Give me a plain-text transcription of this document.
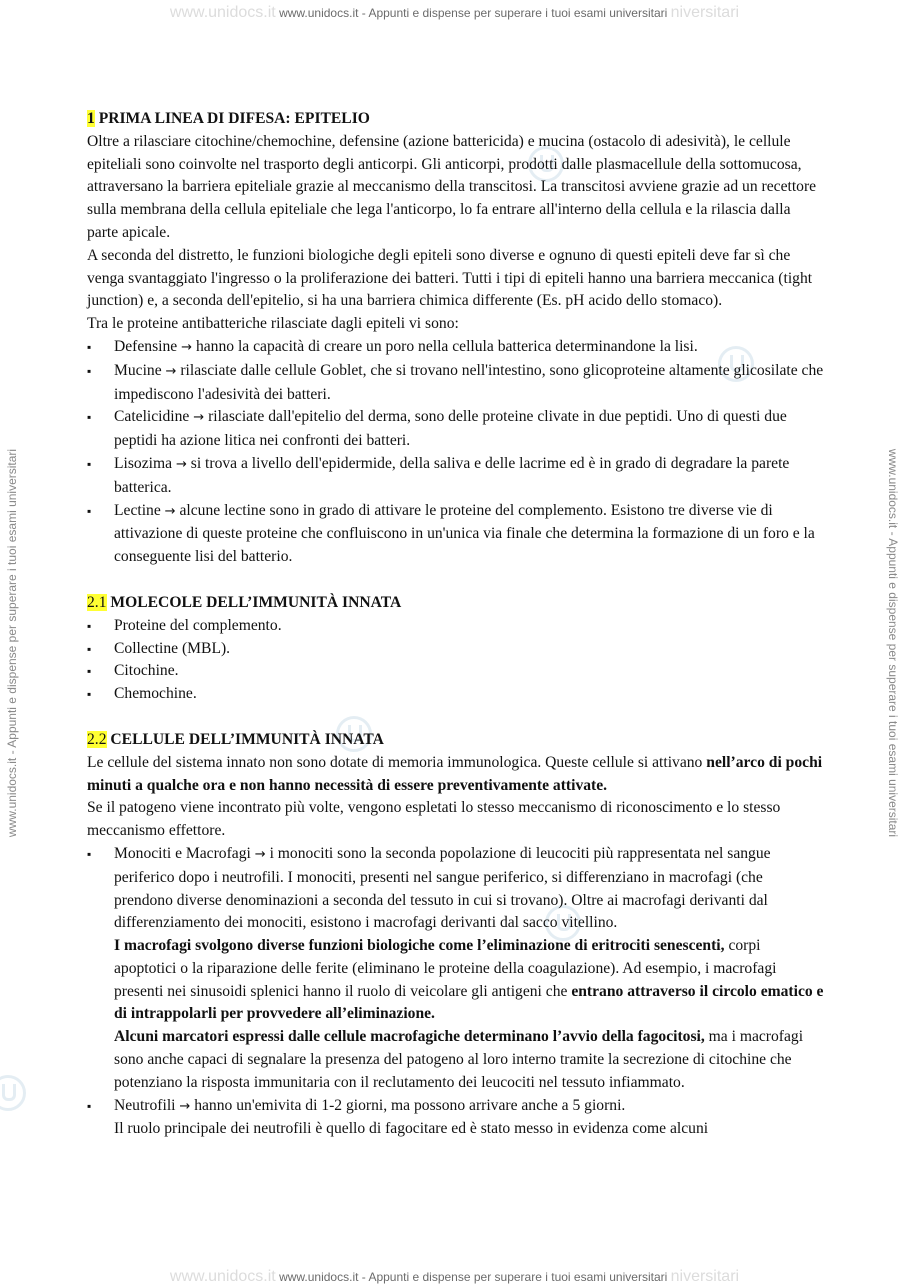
www.unidocs.it www.unidocs.it - Appunti e dispense per superare i tuoi esami universitari niversitari
www.unidocs.it - Appunti e dispense per superare i tuoi esami universitari	www.unidocs.it - Appunti e dispense per superare i tuoi esami universitari
1 PRIMA LINEA DI DIFESA: EPITELIO

Oltre a rilasciare citochine/chemochine, defensine (azione battericida) e mucina (ostacolo di adesività), le cellule epiteliali sono coinvolte nel trasporto degli anticorpi. Gli anticorpi, prodotti dalle plasmacellule della sottomucosa, attraversano la barriera epiteliale grazie al meccanismo della transcitosi. La transcitosi avviene grazie ad un recettore sulla membrana della cellula epiteliale che lega l'anticorpo, lo fa entrare all'interno della cellula e la rilascia dalla parte apicale.

A seconda del distretto, le funzioni biologiche degli epiteli sono diverse e ognuno di questi epiteli deve far sì che venga svantaggiato l'ingresso o la proliferazione dei batteri. Tutti i tipi di epiteli hanno una barriera meccanica (tight junction) e, a seconda dell'epitelio, si ha una barriera chimica differente (Es. pH acido dello stomaco).

Tra le proteine antibatteriche rilasciate dagli epiteli vi sono:

▪ Defensine → hanno la capacità di creare un poro nella cellula batterica determinandone la lisi.
▪ Mucine → rilasciate dalle cellule Goblet, che si trovano nell'intestino, sono glicoproteine altamente glicosilate che impediscono l'adesività dei batteri.
▪ Catelicidine → rilasciate dall'epitelio del derma, sono delle proteine clivate in due peptidi. Uno di questi due peptidi ha azione litica nei confronti dei batteri.
▪ Lisozima → si trova a livello dell'epidermide, della saliva e delle lacrime ed è in grado di degradare la parete batterica.
▪ Lectine → alcune lectine sono in grado di attivare le proteine del complemento. Esistono tre diverse vie di attivazione di queste proteine che confluiscono in un'unica via finale che determina la formazione di un foro e la conseguente lisi del batterio.
2.1 MOLECOLE DELL’IMMUNITÀ INNATA
▪ Proteine del complemento.
▪ Collectine (MBL).
▪ Citochine.
▪ Chemochine.
2.2 CELLULE DELL’IMMUNITÀ INNATA

Le cellule del sistema innato non sono dotate di memoria immunologica. Queste cellule si attivano nell’arco di pochi minuti a qualche ora e non hanno necessità di essere preventivamente attivate.

Se il patogeno viene incontrato più volte, vengono espletati lo stesso meccanismo di riconoscimento e lo stesso meccanismo effettore.

▪ Monociti e Macrofagi → i monociti sono la seconda popolazione di leucociti più rappresentata nel sangue periferico dopo i neutrofili. I monociti, presenti nel sangue periferico, si differenziano in macrofagi (che prendono diverse denominazioni a seconda del tessuto in cui si trovano). Oltre ai macrofagi derivanti dal differenziamento dei monociti, esistono i macrofagi derivanti dal sacco vitellino.
I macrofagi svolgono diverse funzioni biologiche come l’eliminazione di eritrociti senescenti, corpi apoptotici o la riparazione delle ferite (eliminano le proteine della coagulazione). Ad esempio, i macrofagi presenti nei sinusoidi splenici hanno il ruolo di veicolare gli antigeni che entrano attraverso il circolo ematico e di intrappolarli per provvedere all’eliminazione.
Alcuni marcatori espressi dalle cellule macrofagiche determinano l’avvio della fagocitosi, ma i macrofagi sono anche capaci di segnalare la presenza del patogeno al loro interno tramite la secrezione di citochine che potenziano la risposta immunitaria con il reclutamento dei leucociti nel tessuto infiammato.
▪ Neutrofili → hanno un'emivita di 1-2 giorni, ma possono arrivare anche a 5 giorni.
Il ruolo principale dei neutrofili è quello di fagocitare ed è stato messo in evidenza come alcuni
www.unidocs.it www.unidocs.it - Appunti e dispense per superare i tuoi esami universitari niversitari
